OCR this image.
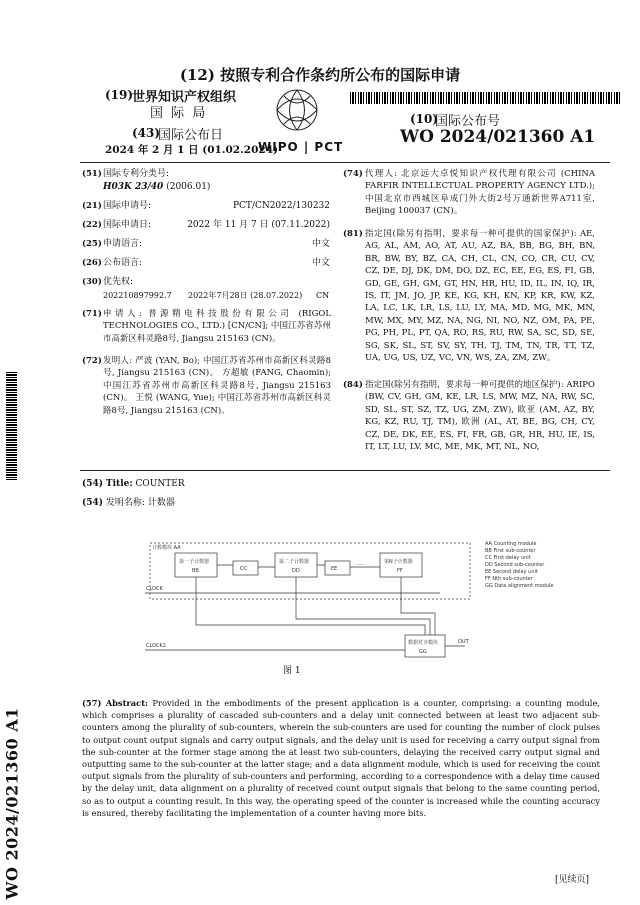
(12) 按照专利合作条约所公布的国际申请
(19)
世界知识产权组织
国 际 局
(43)
国际公布日
2024 年 2 月 1 日 (01.02.2024)
WIPO | PCT
(10)
国际公布号
WO 2024/021360 A1
WO 2024/021360 A1
(51) 国际专利分类号:
H03K 23/40 (2006.01)
(21) 国际申请号:	PCT/CN2022/130232
(22) 国际申请日:	2022 年 11 月 7 日 (07.11.2022)
(25) 申请语言:	中文
(26) 公布语言:	中文
(30) 优先权:
202210897992.7 2022年7月28日 (28.07.2022) CN
(71) 申请人: 普源精电科技股份有限公司 (RIGOL TECHNOLOGIES CO., LTD.) [CN/CN]; 中国江苏省苏州市高新区科灵路8号, Jiangsu 215163 (CN)。
(72) 发明人: 严波 (YAN, Bo); 中国江苏省苏州市高新区科灵路8号, Jiangsu 215163 (CN)。 方超敏 (FANG, Chaomin); 中国江苏省苏州市高新区科灵路8号, Jiangsu 215163 (CN)。 王悦 (WANG, Yue); 中国江苏省苏州市高新区科灵路8号, Jiangsu 215163 (CN)。
(74) 代理人: 北京远大卓悦知识产权代理有限公司 (CHINA FARFIR INTELLECTUAL PROPERTY AGENCY LTD.); 中国北京市西城区阜成门外大街2号万通新世界A711室, Beijing 100037 (CN)。
(81) 指定国(除另有指明，要求每一种可提供的国家保护): AE, AG, AL, AM, AO, AT, AU, AZ, BA, BB, BG, BH, BN, BR, BW, BY, BZ, CA, CH, CL, CN, CO, CR, CU, CV, CZ, DE, DJ, DK, DM, DO, DZ, EC, EE, EG, ES, FI, GB, GD, GE, GH, GM, GT, HN, HR, HU, ID, IL, IN, IQ, IR, IS, IT, JM, JO, JP, KE, KG, KH, KN, KP, KR, KW, KZ, LA, LC, LK, LR, LS, LU, LY, MA, MD, MG, MK, MN, MW, MX, MY, MZ, NA, NG, NI, NO, NZ, OM, PA, PE, PG, PH, PL, PT, QA, RO, RS, RU, RW, SA, SC, SD, SE, SG, SK, SL, ST, SV, SY, TH, TJ, TM, TN, TR, TT, TZ, UA, UG, US, UZ, VC, VN, WS, ZA, ZM, ZW。
(84) 指定国(除另有指明，要求每一种可提供的地区保护): ARIPO (BW, CV, GH, GM, KE, LR, LS, MW, MZ, NA, RW, SC, SD, SL, ST, SZ, TZ, UG, ZM, ZW), 欧亚 (AM, AZ, BY, KG, KZ, RU, TJ, TM), 欧洲 (AL, AT, BE, BG, CH, CY, CZ, DE, DK, EE, ES, FI, FR, GB, GR, HR, HU, IE, IS, IT, LT, LU, LV, MC, ME, MK, MT, NL, NO,
(54) Title: COUNTER
(54) 发明名称: 计数器
计数模块 AA
第一子计数器
BB	CC
第二子计数器
DD	EE
……	第N子计数器
FF
CLOCK
CLOCK2	数据对齐模块
GG
OUT
AA Counting module
BB First sub-counter
CC First delay unit
DD Second sub-counter
EE Second delay unit
FF Nth sub-counter
GG Data alignment module
图 1
(57) Abstract: Provided in the embodiments of the present application is a counter, comprising: a counting module, which comprises a plurality of cascaded sub-counters and a delay unit connected between at least two adjacent sub-counters among the plurality of sub-counters, wherein the sub-counters are used for counting the number of clock pulses to output count output signals and carry output signals, and the delay unit is used for receiving a carry output signal from the sub-counter at the former stage among the at least two sub-counters, delaying the received carry output signal and outputting same to the sub-counter at the latter stage; and a data alignment module, which is used for receiving the count output signals from the plurality of sub-counters and performing, according to a correspondence with a delay time caused by the delay unit, data alignment on a plurality of received count output signals that belong to the same counting period, so as to output a counting result. In this way, the operating speed of the counter is increased while the counting accuracy is ensured, thereby facilitating the implementation of a counter having more bits.
[见续页]
